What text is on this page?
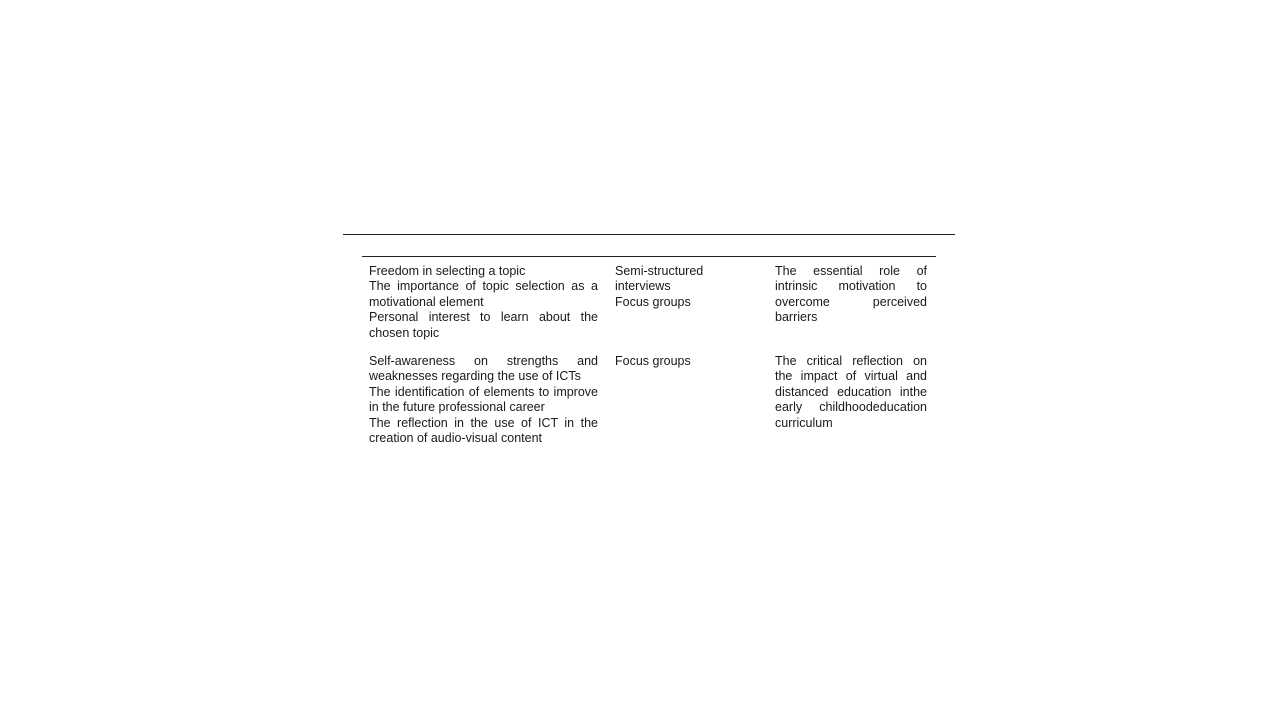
Freedom in selecting a topic
The importance of topic selection as a motivational element
Personal interest to learn about the chosen topic
Semi-structured interviews
Focus groups
The essential role of intrinsic motivation to overcome perceived barriers
Self-awareness on strengths and weaknesses regarding the use of ICTs
The identification of elements to improve in the future professional career
The reflection in the use of ICT in the creation of audio-visual content
Focus groups	The critical reflection on the impact of virtual and distanced education inthe early childhoodeducation curriculum
